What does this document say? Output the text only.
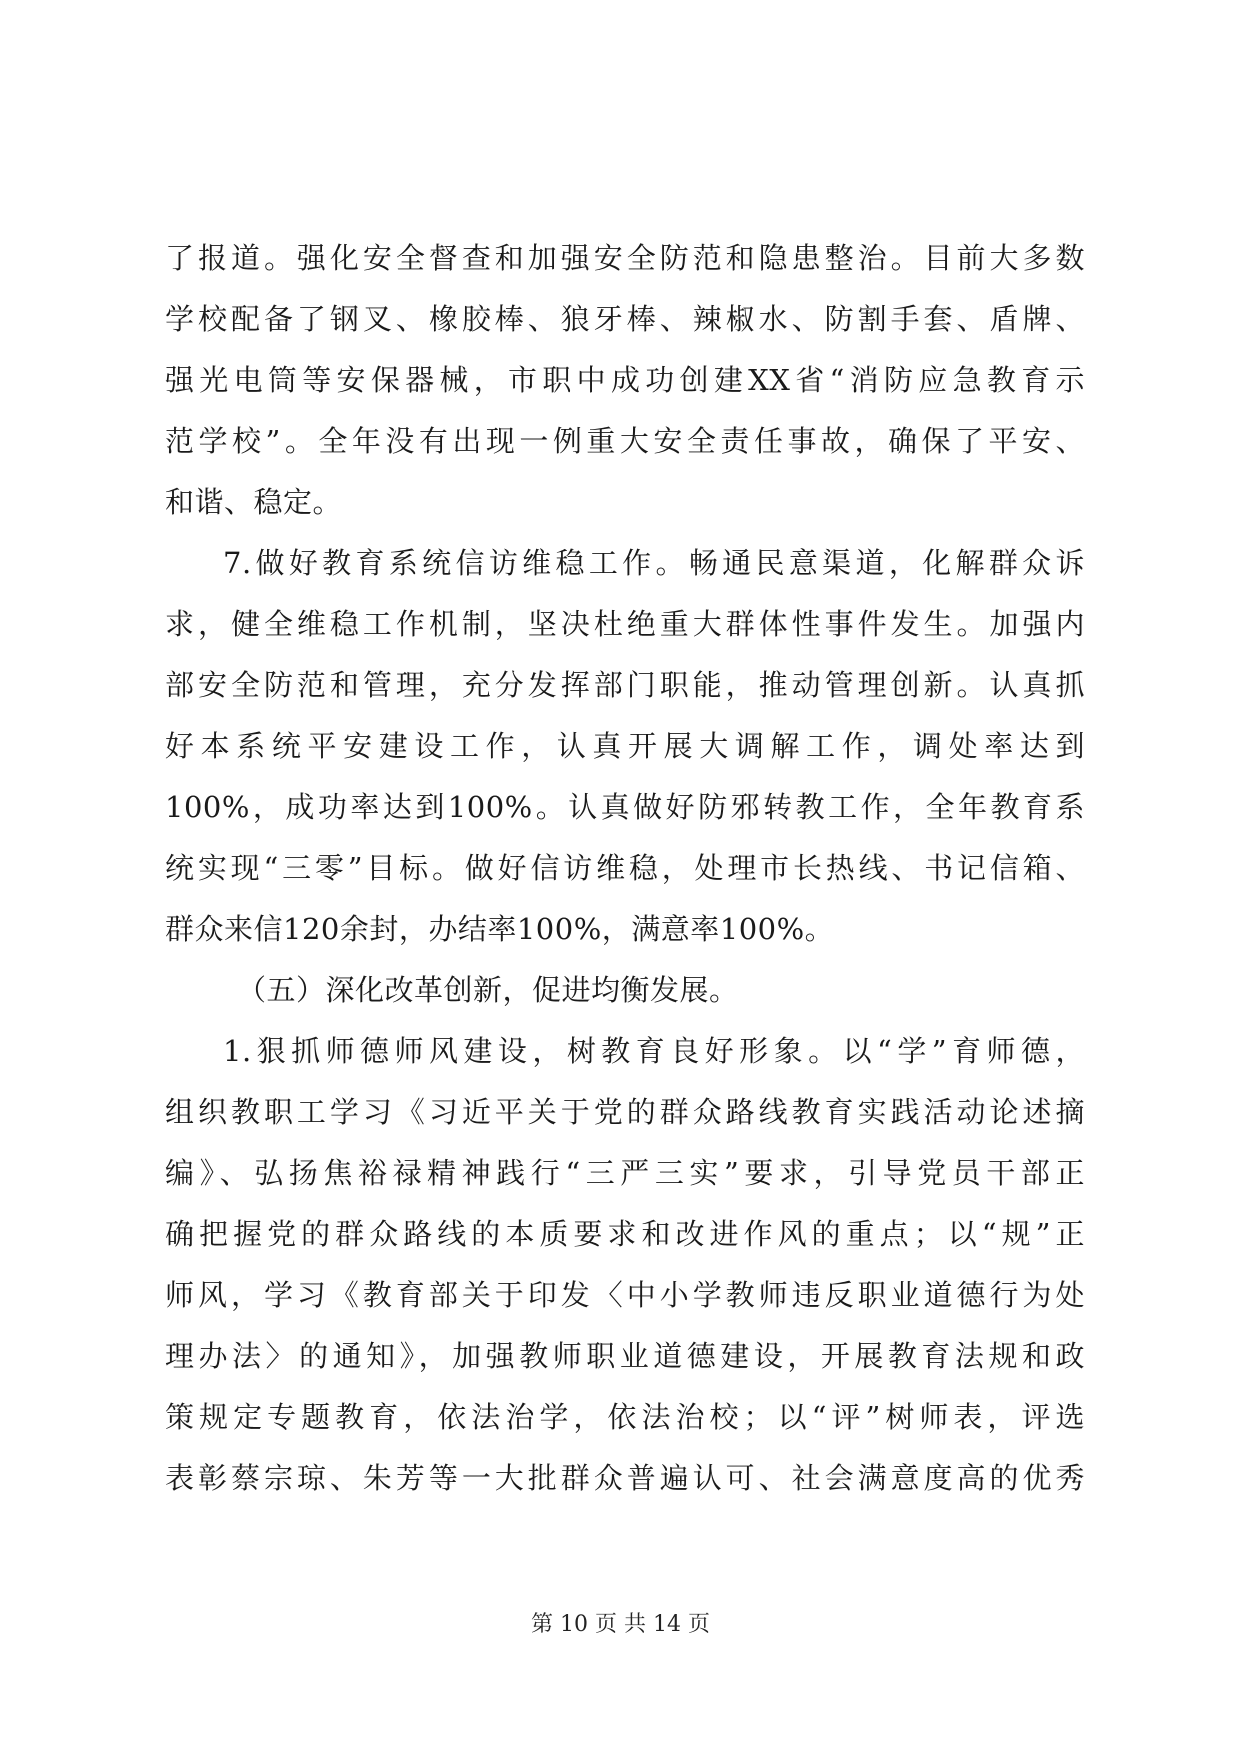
了报道。强化安全督查和加强安全防范和隐患整治。目前大多数
学校配备了钢叉、橡胶棒、狼牙棒、辣椒水、防割手套、盾牌、
强光电筒等安保器械，市职中成功创建XX省“消防应急教育示
范学校”。全年没有出现一例重大安全责任事故，确保了平安、
和谐、稳定。
7.做好教育系统信访维稳工作。畅通民意渠道，化解群众诉
求，健全维稳工作机制，坚决杜绝重大群体性事件发生。加强内
部安全防范和管理，充分发挥部门职能，推动管理创新。认真抓
好本系统平安建设工作，认真开展大调解工作，调处率达到
100%，成功率达到100%。认真做好防邪转教工作，全年教育系
统实现“三零”目标。做好信访维稳，处理市长热线、书记信箱、
群众来信120余封，办结率100%，满意率100%。
（五）深化改革创新，促进均衡发展。
1.狠抓师德师风建设，树教育良好形象。以“学”育师德，
组织教职工学习《习近平关于党的群众路线教育实践活动论述摘
编》、弘扬焦裕禄精神践行“三严三实”要求，引导党员干部正
确把握党的群众路线的本质要求和改进作风的重点；以“规”正
师风，学习《教育部关于印发〈中小学教师违反职业道德行为处
理办法〉的通知》，加强教师职业道德建设，开展教育法规和政
策规定专题教育，依法治学，依法治校；以“评”树师表，评选
表彰蔡宗琼、朱芳等一大批群众普遍认可、社会满意度高的优秀
第 10 页 共 14 页
